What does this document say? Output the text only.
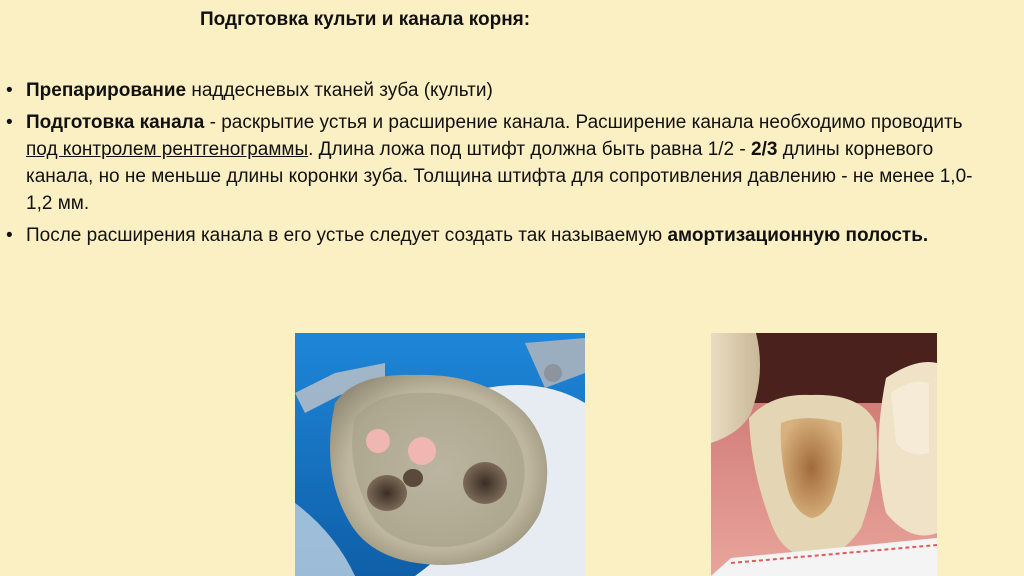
Подготовка культи и канала корня:
• Препарирование наддесневых тканей зуба (культи)
• Подготовка канала - раскрытие устья и расширение канала. Расширение канала необходимо проводить под контролем рентгенограммы. Длина ложа под штифт должна быть равна 1/2 - 2/3 длины корневого канала, но не меньше длины коронки зуба. Толщина штифта для сопротивления давлению - не менее 1,0-1,2 мм.
• После расширения канала в его устье следует создать так называемую амортизационную полость.
